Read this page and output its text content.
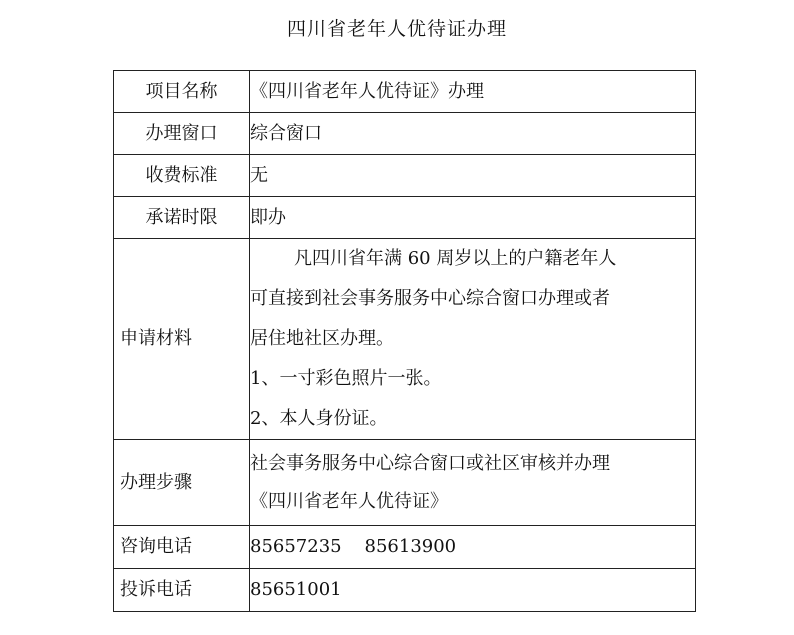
四川省老年人优待证办理
项目名称	《四川省老年人优待证》办理
办理窗口	综合窗口
收费标准	无
承诺时限	即办
申请材料	凡四川省年满 60 周岁以上的户籍老年人
可直接到社会事务服务中心综合窗口办理或者
居住地社区办理。
1、一寸彩色照片一张。
2、本人身份证。

办理步骤	社会事务服务中心综合窗口或社区审核并办理
《四川省老年人优待证》

咨询电话	85657235    85613900
投诉电话	85651001
